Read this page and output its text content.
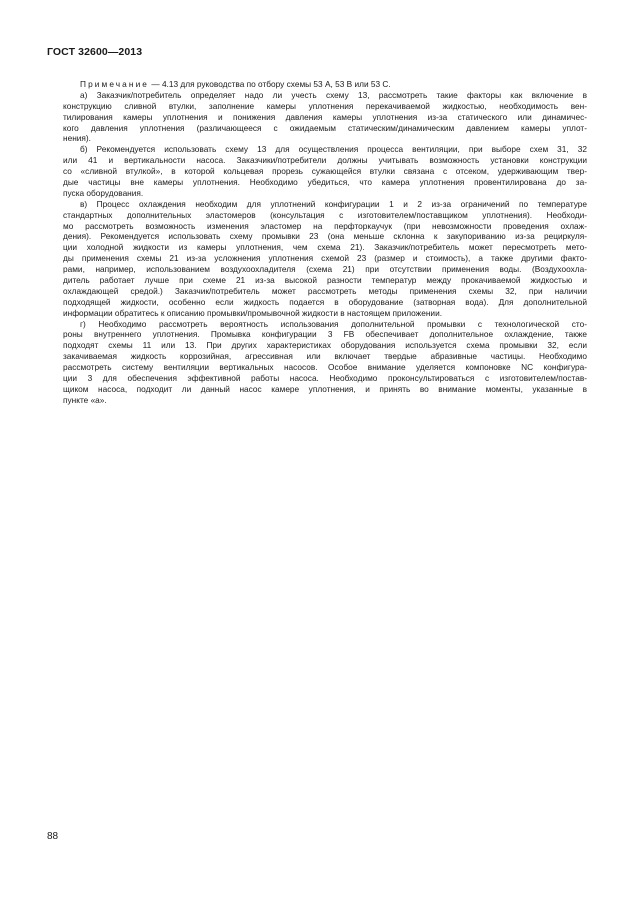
ГОСТ 32600—2013
Примечание — 4.13 для руководства по отбору схемы 53 А, 53 В или 53 С.
а) Заказчик/потребитель определяет надо ли учесть схему 13, рассмотреть такие факторы как включение в
конструкцию сливной втулки, заполнение камеры уплотнения перекачиваемой жидкостью, необходимость вен-
тилирования камеры уплотнения и понижения давления камеры уплотнения из-за статического или динамичес-
кого давления уплотнения (различающееся с ожидаемым статическим/динамическим давлением камеры уплот-
нения).
б) Рекомендуется использовать схему 13 для осуществления процесса вентиляции, при выборе схем 31, 32
или 41 и вертикальности насоса. Заказчики/потребители должны учитывать возможность установки конструкции
со «сливной втулкой», в которой кольцевая прорезь сужающейся втулки связана с отсеком, удерживающим твер-
дые частицы вне камеры уплотнения. Необходимо убедиться, что камера уплотнения провентилирована до за-
пуска оборудования.
в) Процесс охлаждения необходим для уплотнений конфигурации 1 и 2 из-за ограничений по температуре
стандартных дополнительных эластомеров (консультация с изготовителем/поставщиком уплотнения). Необходи-
мо рассмотреть возможность изменения эластомер на перфторкаучук (при невозможности проведения охлаж-
дения). Рекомендуется использовать схему промывки 23 (она меньше склонна к закупориванию из-за рециркуля-
ции холодной жидкости из камеры уплотнения, чем схема 21). Заказчик/потребитель может пересмотреть мето-
ды применения схемы 21 из-за усложнения уплотнения схемой 23 (размер и стоимость), а также другими факто-
рами, например, использованием воздухоохладителя (схема 21) при отсутствии применения воды. (Воздухоохла-
дитель работает лучше при схеме 21 из-за высокой разности температур между прокачиваемой жидкостью и
охлаждающей средой.) Заказчик/потребитель может рассмотреть методы применения схемы 32, при наличии
подходящей жидкости, особенно если жидкость подается в оборудование (затворная вода). Для дополнительной
информации обратитесь к описанию промывки/промывочной жидкости в настоящем приложении.
г) Необходимо рассмотреть вероятность использования дополнительной промывки с технологической сто-
роны внутреннего уплотнения. Промывка конфигурации 3 FB обеспечивает дополнительное охлаждение, также
подходят схемы 11 или 13. При других характеристиках оборудования используется схема промывки 32, если
закачиваемая жидкость коррозийная, агрессивная или включает твердые абразивные частицы. Необходимо
рассмотреть систему вентиляции вертикальных насосов. Особое внимание уделяется компоновке NC конфигура-
ции 3 для обеспечения эффективной работы насоса. Необходимо проконсультироваться с изготовителем/постав-
щиком насоса, подходит ли данный насос камере уплотнения, и принять во внимание моменты, указанные в
пункте «а».
88
